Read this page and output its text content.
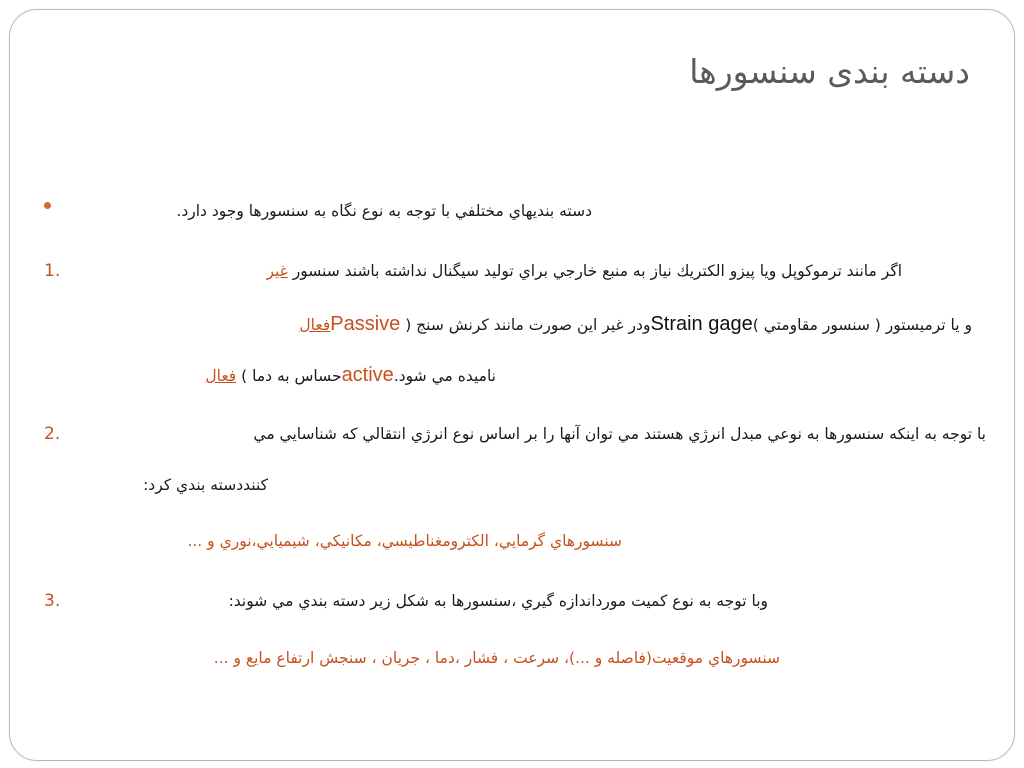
دسته بندی سنسورها
دسته بنديهاي مختلفي با توجه به نوع نگاه به سنسورها وجود دارد.
1.	اگر مانند ترموكوپل ويا پيزو الكتريك نياز به منبع خارجي براي توليد سيگنال نداشته باشند سنسور غير
و يا ترميستور ( سنسور مقاومتي )Strain gageودر غير اين صورت مانند كرنش سنج ( Passiveفعال
ناميده مي شود.activeحساس به دما ) فعال
2.	با توجه به اينكه سنسورها به نوعي مبدل انرژي هستند مي توان آنها را بر اساس نوع انرژي انتقالي كه شناسايي مي
كنند‌دسته بندي كرد:
سنسورهاي گرمايي، الكترومغناطيسي، مكانيكي، شيميايي،نوري و ...
3.	وبا توجه به نوع كميت مورداندازه گيري ،سنسورها به شكل زير دسته بندي مي شوند:
سنسورهاي موقعيت(فاصله و ...)، سرعت ، فشار ،دما ، جريان ، سنجش ارتفاع مايع و ...
